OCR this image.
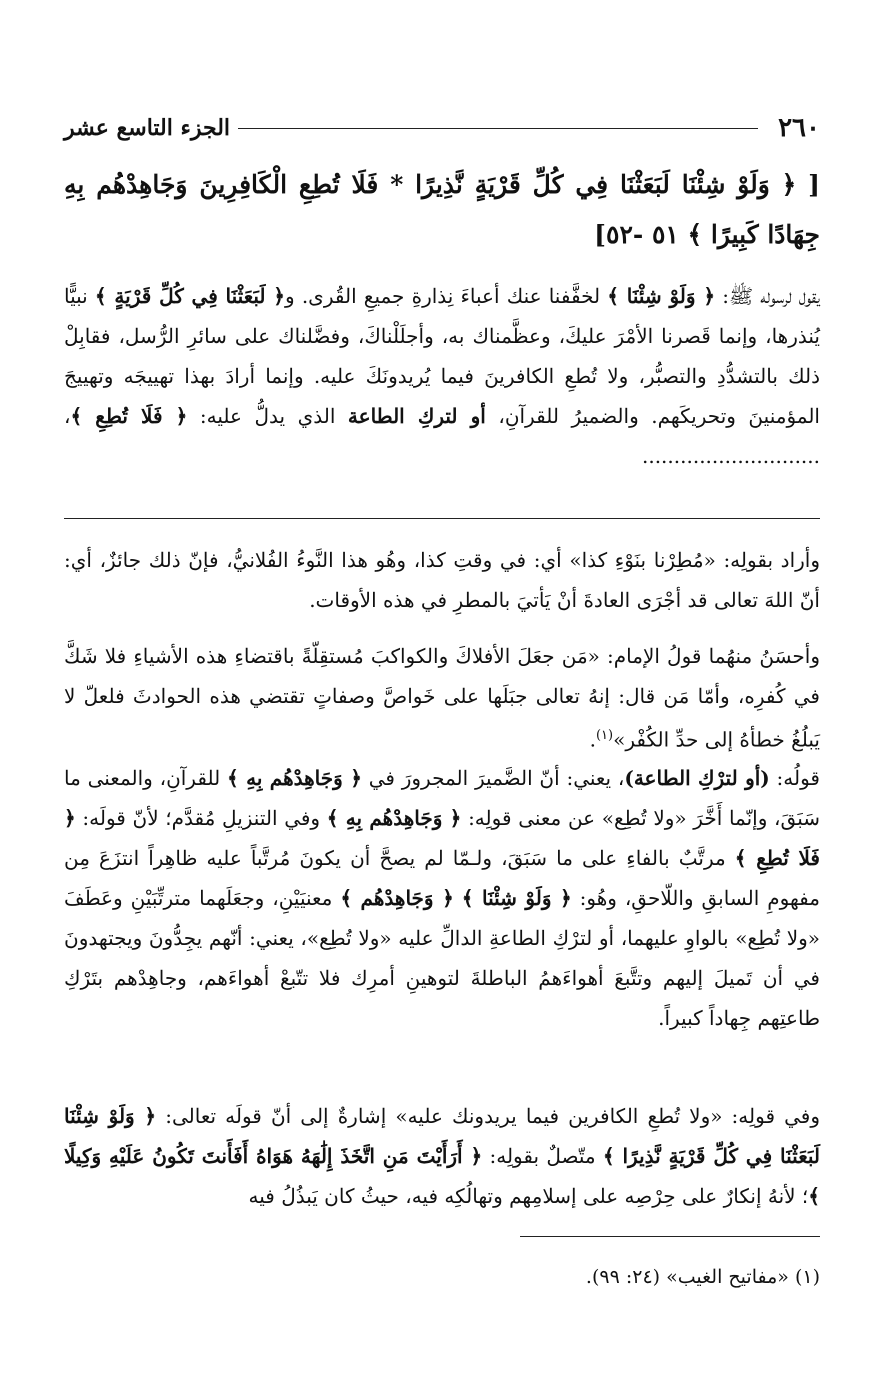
٢٦٠
الجزء التاسع عشر
[ ﴿ وَلَوْ شِئْنَا لَبَعَثْنَا فِي كُلِّ قَرْيَةٍ نَّذِيرًا * فَلَا تُطِعِ الْكَافِرِينَ وَجَاهِدْهُم بِهِ جِهَادًا كَبِيرًا ﴾ ٥١ -٥٢]

يقول لرسوله ﷺ: ﴿ وَلَوْ شِئْنَا ﴾ لخفَّفنا عنك أعباءَ نِذارةِ جميعِ القُرى. و﴿ لَبَعَثْنَا فِي كُلِّ قَرْيَةٍ ﴾ نبيًّا يُنذرها، وإنما قَصرنا الأمْرَ عليكَ، وعظَّمناك به، وأجلَلْناكَ، وفضَّلناك على سائرِ الرُّسل، فقابِلْ ذلك بالتشدُّدِ والتصبُّر، ولا تُطعِ الكافرينَ فيما يُريدونَكَ عليه. وإنما أرادَ بهذا تهييجَه وتهييجَ المؤمنينَ وتحريكَهم. والضميرُ للقرآنِ، أو لتركِ الطاعة الذي يدلُّ عليه: ﴿ فَلَا تُطِعِ ﴾، ............................

وأراد بقولِه: «مُطِرْنا بنَوْءِ كذا» أي: في وقتِ كذا، وهُو هذا النَّوءُ الفُلانيُّ، فإنّ ذلك جائزٌ، أي: أنّ اللهَ تعالى قد أجْرَى العادةَ أنْ يَأتيَ بالمطرِ في هذه الأوقات.

وأحسَنُ منهُما قولُ الإمام: «مَن جعَلَ الأفلاكَ والكواكبَ مُستقِلّةً باقتضاءِ هذه الأشياءِ فلا شَكَّ في كُفرِه، وأمّا مَن قال: إنهُ تعالى جبَلَها على خَواصَّ وصفاتٍ تقتضي هذه الحوادثَ فلعلّ لا يَبلُغُ خطأهُ إلى حدِّ الكُفْر»$^{(١)}$.

قولُه: (أو لترْكِ الطاعة)، يعني: أنّ الضَّميرَ المجرورَ في ﴿ وَجَاهِدْهُم بِهِ ﴾ للقرآنِ، والمعنى ما سَبَقَ، وإنّما أَخَّرَ «ولا تُطِع» عن معنى قولِه: ﴿ وَجَاهِدْهُم بِهِ ﴾ وفي التنزيلِ مُقدَّم؛ لأنّ قولَه: ﴿ فَلَا تُطِعِ ﴾ مرتَّبٌ بالفاءِ على ما سَبَقَ، ولـمّا لم يصحَّ أن يكونَ مُرتَّباً عليه ظاهِراً انتزَعَ مِن مفهومِ السابقِ واللّاحقِ، وهُو: ﴿ وَلَوْ شِئْنَا ﴾ ﴿ وَجَاهِدْهُم ﴾ معنيَيْنِ، وجعَلَهما مترتِّبَيْنِ وعَطَفَ «ولا تُطِع» بالواوِ عليهما، أو لترْكِ الطاعةِ الدالِّ عليه «ولا تُطِع»، يعني: أنّهم يجِدُّونَ ويجتهدونَ في أن تَميلَ إليهم وتتَّبعَ أهواءَهمُ الباطلةَ لتوهينِ أمرِك فلا تتّبعْ أهواءَهم، وجاهِدْهم بتَرْكِ طاعتِهم جِهاداً كبيراً.

وفي قولِه: «ولا تُطعِ الكافرين فيما يريدونك عليه» إشارةٌ إلى أنّ قولَه تعالى: ﴿ وَلَوْ شِئْنَا لَبَعَثْنَا فِي كُلِّ قَرْيَةٍ نَّذِيرًا ﴾ متّصلٌ بقولِه: ﴿ أَرَأَيْتَ مَنِ اتَّخَذَ إِلَٰهَهُ هَوَاهُ أَفَأَنتَ تَكُونُ عَلَيْهِ وَكِيلًا ﴾؛ لأنهُ إنكارٌ على حِرْصِه على إسلامِهم وتهالُكِه فيه، حيثُ كان يَبذُلُ فيه

(١) «مفاتيح الغيب» (٢٤: ٩٩).
